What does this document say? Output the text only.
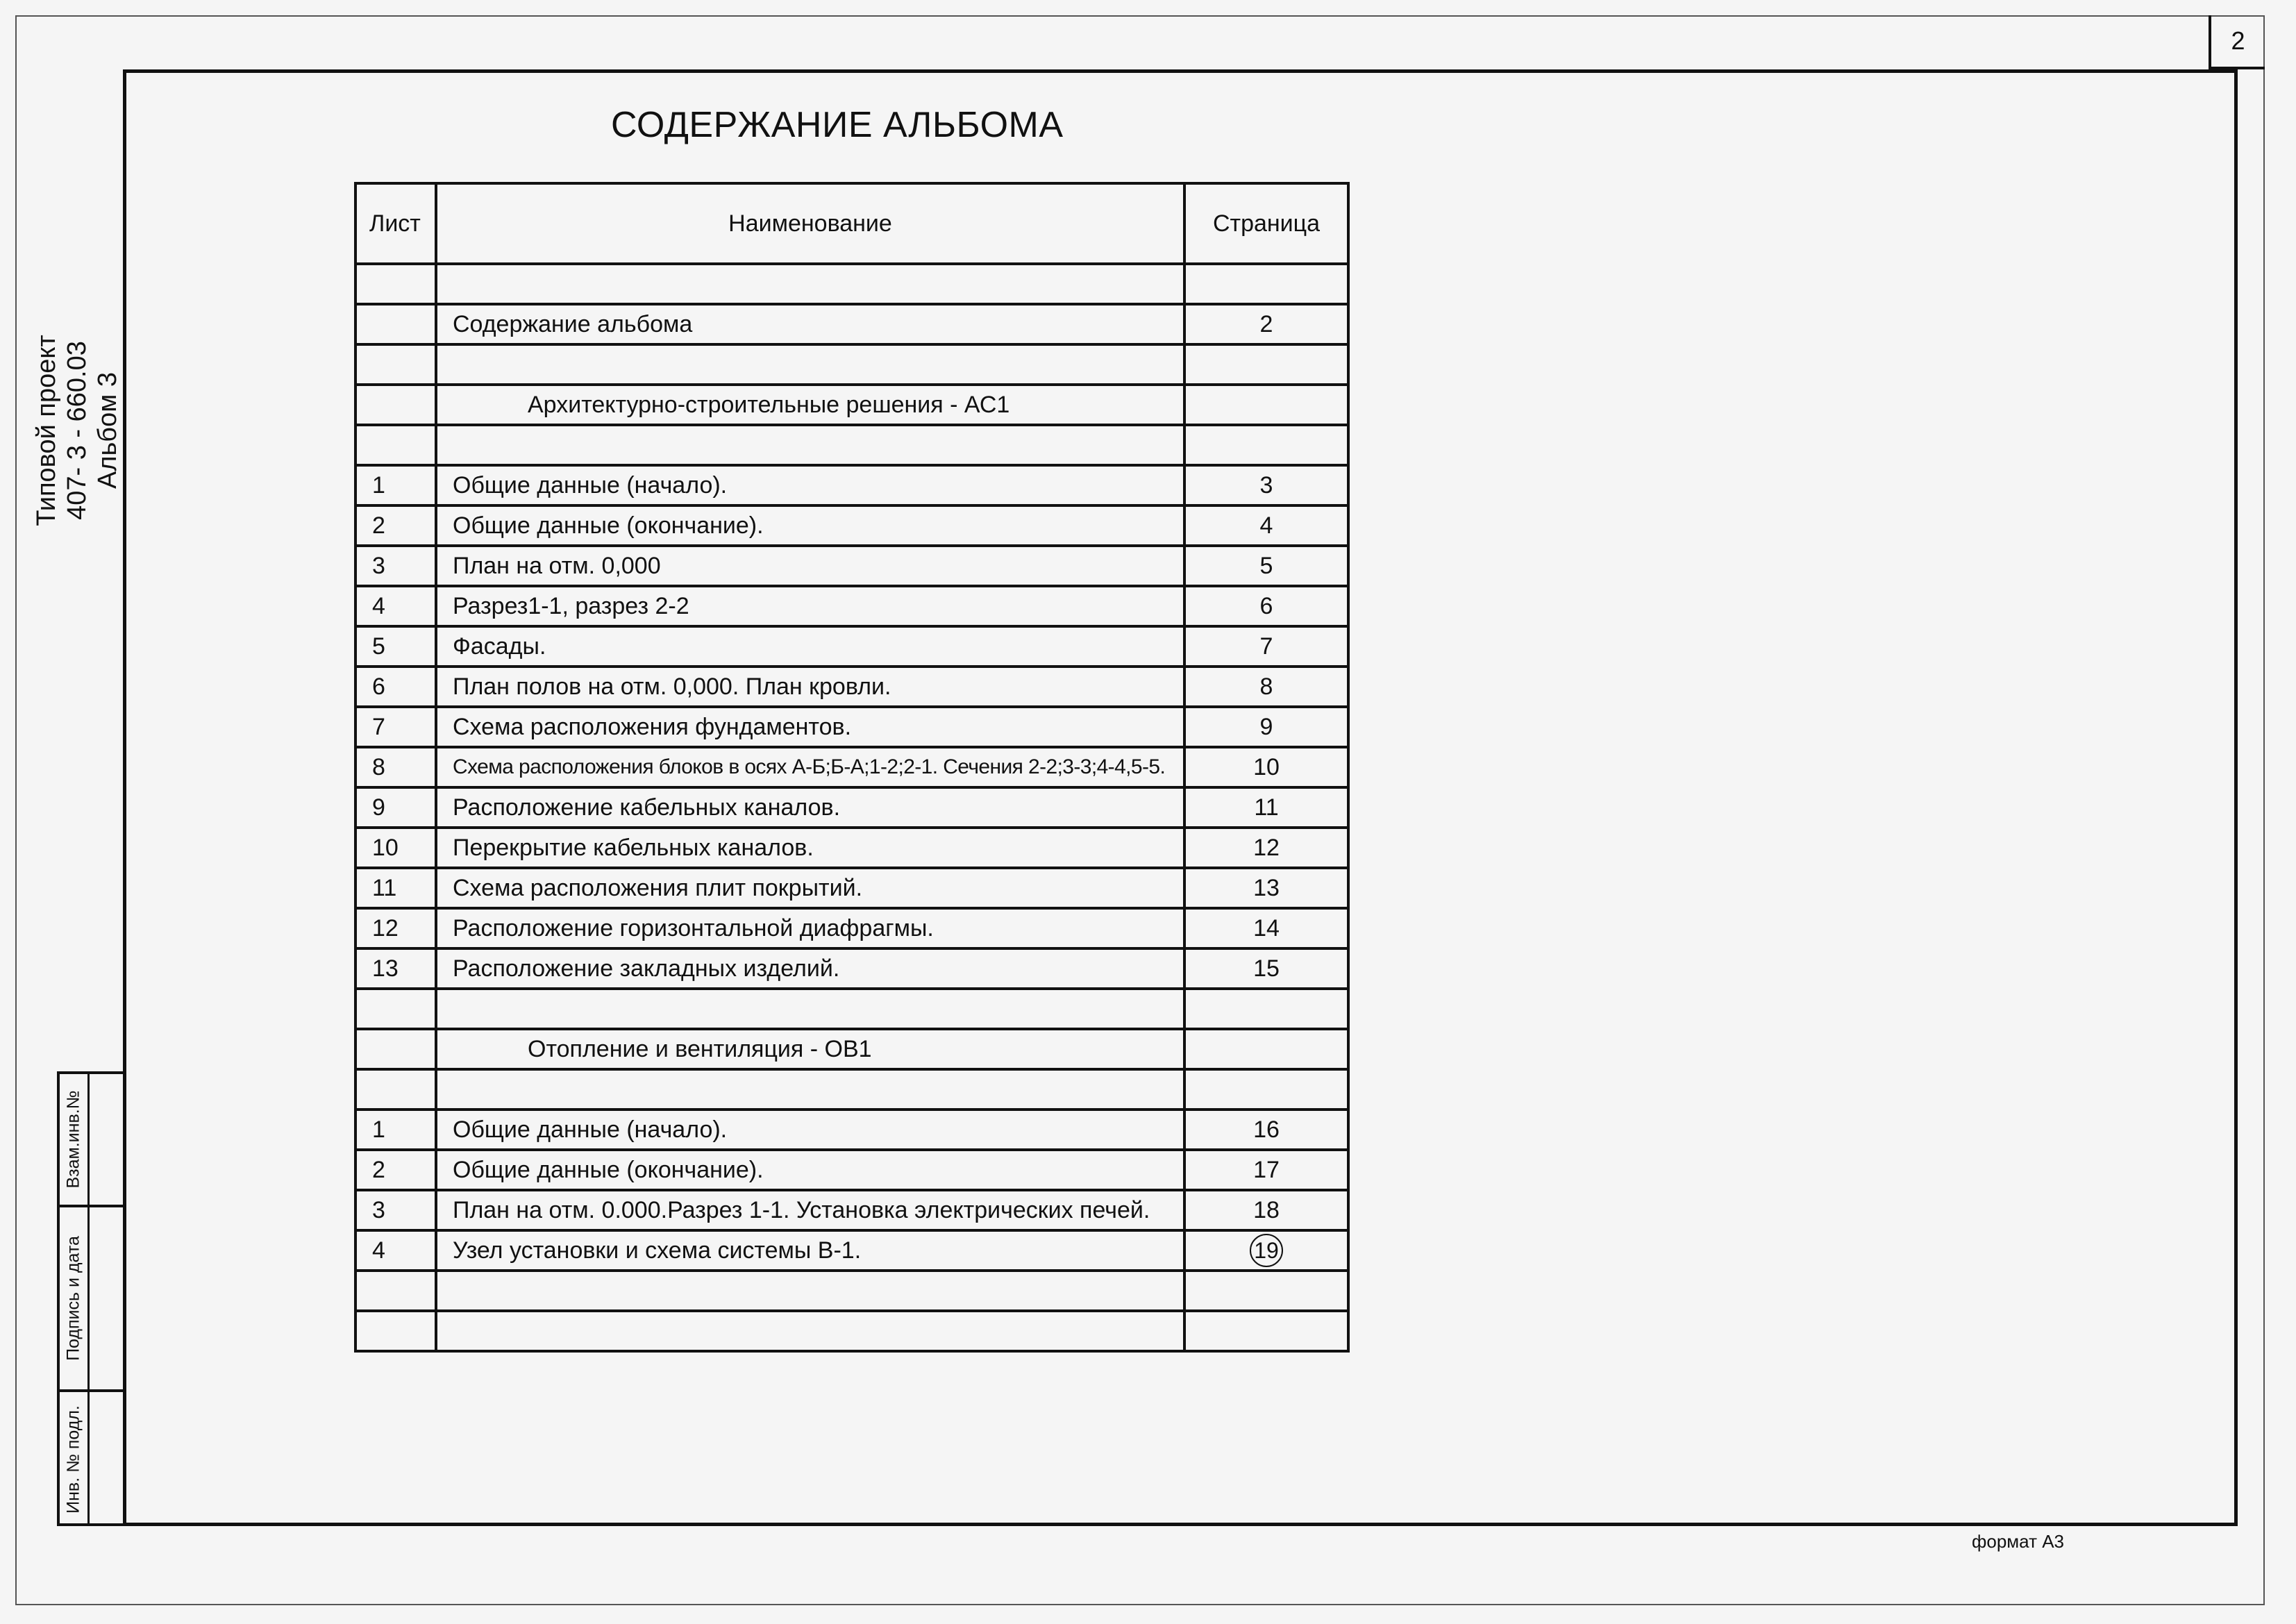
2
Типовой проект 407- 3 - 660.03 Альбом 3
Взам.инв.№
Подпись и дата
Инв. № подл.
СОДЕРЖАНИЕ АЛЬБОМА
Лист	Наименование	Страница

	Содержание альбома	2

	Архитектурно-строительные решения - АС1	

1	Общие данные (начало).	3
2	Общие данные (окончание).	4
3	План на отм. 0,000	5
4	Разрез1-1, разрез 2-2	6
5	Фасады.	7
6	План полов на отм. 0,000. План кровли.	8
7	Схема расположения фундаментов.	9
8	Схема расположения блоков в осях А-Б;Б-А;1-2;2-1. Сечения 2-2;3-3;4-4,5-5.	10
9	Расположение кабельных каналов.	11
10	Перекрытие кабельных каналов.	12
11	Схема расположения плит покрытий.	13
12	Расположение горизонтальной диафрагмы.	14
13	Расположение закладных изделий.	15

	Отопление и вентиляция - ОВ1	

1	Общие данные (начало).	16
2	Общие данные (окончание).	17
3	План на отм. 0.000.Разрез 1-1. Установка электрических печей.	18
4	Узел установки и схема системы В-1.	19

формат А3
